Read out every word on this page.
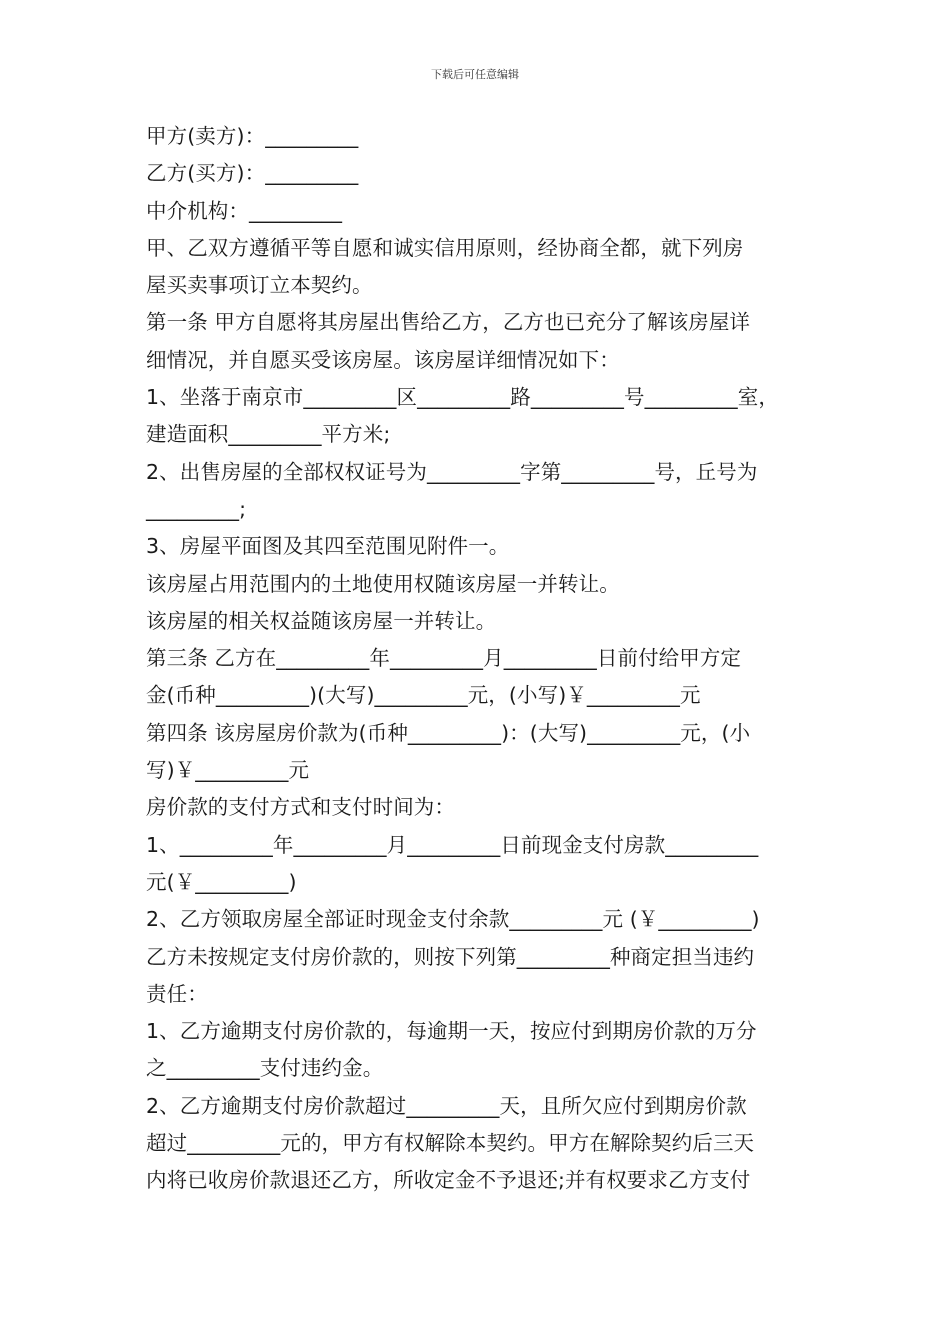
下载后可任意编辑
甲方(卖方)：_________
乙方(买方)：_________
中介机构：_________
甲、乙双方遵循平等自愿和诚实信用原则，经协商全都，就下列房
屋买卖事项订立本契约。
第一条 甲方自愿将其房屋出售给乙方，乙方也已充分了解该房屋详
细情况，并自愿买受该房屋。该房屋详细情况如下：
1、坐落于南京市_________区_________路_________号_________室，
建造面积_________平方米;
2、出售房屋的全部权权证号为_________字第_________号，丘号为
_________;
3、房屋平面图及其四至范围见附件一。
该房屋占用范围内的土地使用权随该房屋一并转让。
该房屋的相关权益随该房屋一并转让。
第三条 乙方在_________年_________月_________日前付给甲方定
金(币种_________)(大写)_________元，(小写)￥_________元
第四条 该房屋房价款为(币种_________)：(大写)_________元，(小
写)￥_________元
房价款的支付方式和支付时间为：
1、_________年_________月_________日前现金支付房款_________
元(￥_________)
2、乙方领取房屋全部证时现金支付余款_________元 (￥_________)
乙方未按规定支付房价款的，则按下列第_________种商定担当违约
责任：
1、乙方逾期支付房价款的，每逾期一天，按应付到期房价款的万分
之_________支付违约金。
2、乙方逾期支付房价款超过_________天，且所欠应付到期房价款
超过_________元的，甲方有权解除本契约。甲方在解除契约后三天
内将已收房价款退还乙方，所收定金不予退还;并有权要求乙方支付
